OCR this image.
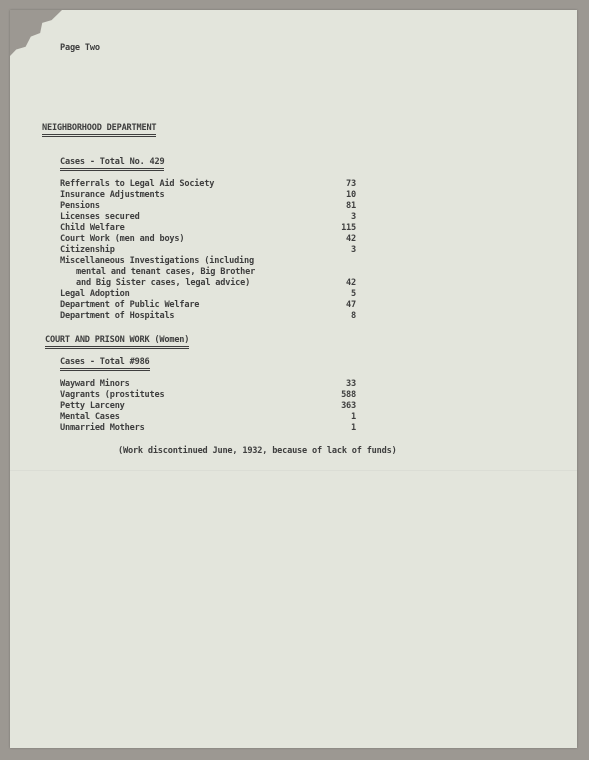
Page Two
NEIGHBORHOOD DEPARTMENT
Cases - Total No. 429
Refferrals to Legal Aid Society	73
Insurance Adjustments	10
Pensions	81
Licenses secured	3
Child Welfare	115
Court Work (men and boys)	42
Citizenship	3
Miscellaneous Investigations (including
mental and tenant cases, Big Brother
and Big Sister cases, legal advice)	42
Legal Adoption	5
Department of Public Welfare	47
Department of Hospitals	8
COURT AND PRISON WORK (Women)
Cases - Total #986
Wayward Minors	33
Vagrants (prostitutes	588
Petty Larceny	363
Mental Cases	1
Unmarried Mothers	1
(Work discontinued June, 1932, because of lack of funds)
